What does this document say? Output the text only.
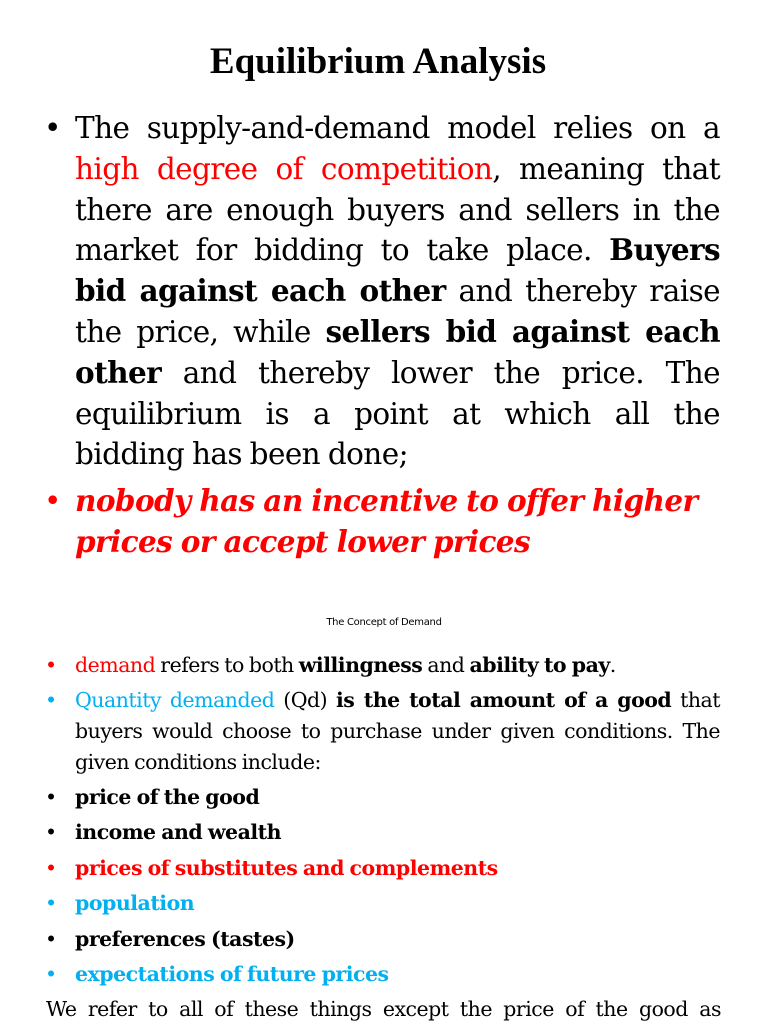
Equilibrium Analysis

• The supply-and-demand model relies on a high degree of competition, meaning that there are enough buyers and sellers in the market for bidding to take place. Buyers bid against each other and thereby raise the price, while sellers bid against each other and thereby lower the price. The equilibrium is a point at which all the bidding has been done;

• nobody has an incentive to offer higher prices or accept lower prices

The Concept of Demand

• demand refers to both willingness and ability to pay.

• Quantity demanded (Qd) is the total amount of a good that buyers would choose to purchase under given conditions. The given conditions include:

• price of the good

• income and wealth

• prices of substitutes and complements

• population

• preferences (tastes)

• expectations of future prices

We refer to all of these things except the price of the good as
